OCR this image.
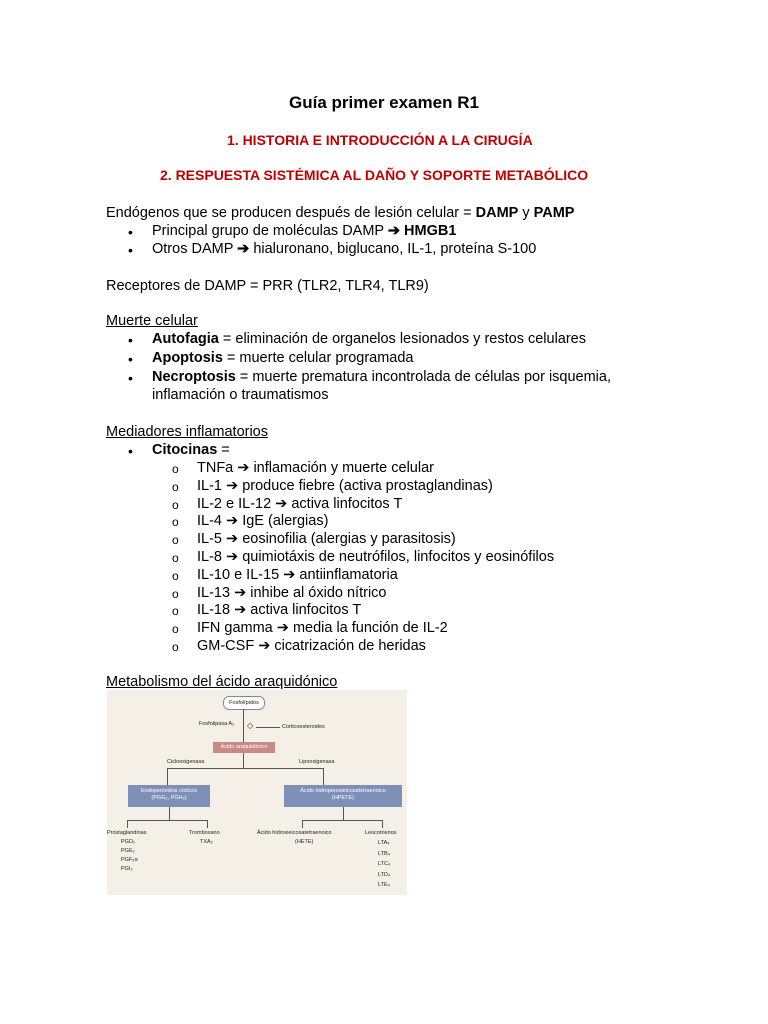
Guía primer examen R1
1. HISTORIA E INTRODUCCIÓN A LA CIRUGÍA
2. RESPUESTA SISTÉMICA AL DAÑO Y SOPORTE METABÓLICO
Endógenos que se producen después de lesión celular = DAMP y PAMP
• Principal grupo de moléculas DAMP ➔ HMGB1
• Otros DAMP ➔ hialuronano, biglucano, IL-1, proteína S-100
Receptores de DAMP = PRR (TLR2, TLR4, TLR9)
Muerte celular
• Autofagia = eliminación de organelos lesionados y restos celulares
• Apoptosis = muerte celular programada
• Necroptosis = muerte prematura incontrolada de células por isquemia,
inflamación o traumatismos
Mediadores inflamatorios
• Citocinas =
o TNFa ➔ inflamación y muerte celular
o IL-1 ➔ produce fiebre (activa prostaglandinas)
o IL-2 e IL-12 ➔ activa linfocitos T
o IL-4 ➔ IgE (alergias)
o IL-5 ➔ eosinofilia (alergias y parasitosis)
o IL-8 ➔ quimiotáxis de neutrófilos, linfocitos y eosinófilos
o IL-10 e IL-15 ➔ antiinflamatoria
o IL-13 ➔ inhibe al óxido nítrico
o IL-18 ➔ activa linfocitos T
o IFN gamma ➔ media la función de IL-2
o GM-CSF ➔ cicatrización de heridas
Metabolismo del ácido araquidónico
Fosfolípidos
Fosfolipasa A₂ ◇	Corticoesteroides
Ácido araquidónico
Ciclooxigenasa	Lipooxigenasa
Endoperóxidos cíclicos
(PGG₂, PGH₂)
Ácido hidroperoxieicosatetraenoico
(HPETE)
Prostaglandinas
PGD₂
PGE₂
PGF₂α
PGI₂
Tromboxano
TXA₂
Ácido hidroxieicosatetraenoico
(HETE)
Leucotrienos
LTA₄
LTB₄
LTC₄
LTD₄
LTE₄
